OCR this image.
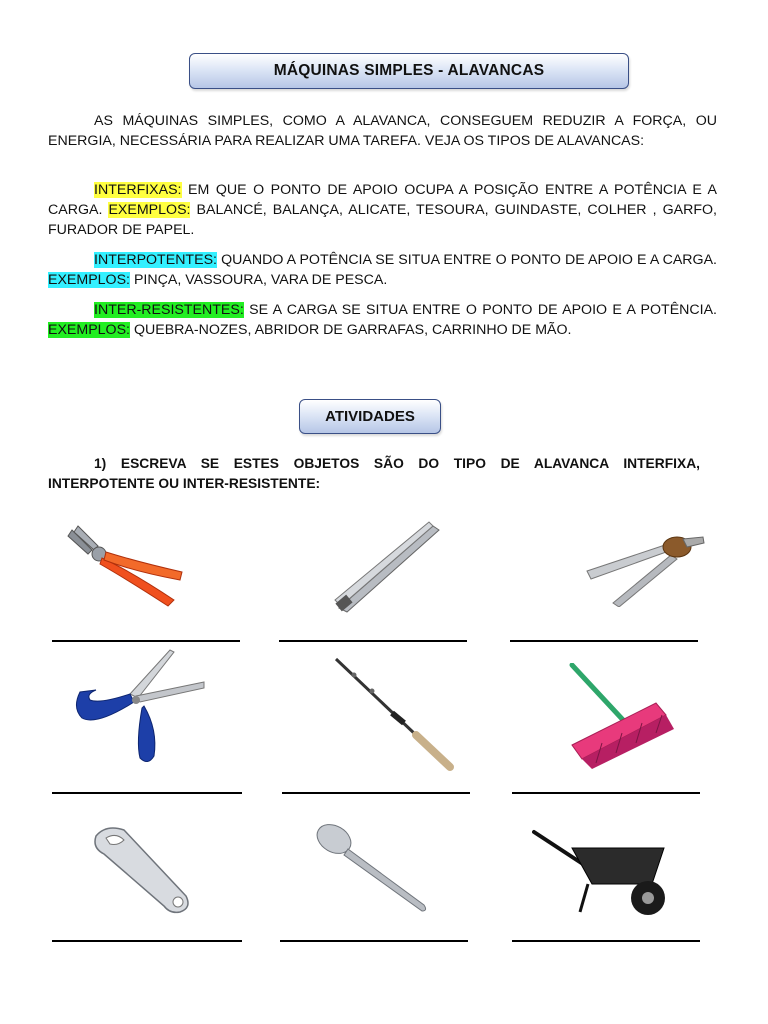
MÁQUINAS SIMPLES - ALAVANCAS
AS MÁQUINAS SIMPLES, COMO A ALAVANCA, CONSEGUEM REDUZIR A FORÇA, OU ENERGIA, NECESSÁRIA PARA REALIZAR UMA TAREFA. VEJA OS TIPOS DE ALAVANCAS:
INTERFIXAS: EM QUE O PONTO DE APOIO OCUPA A POSIÇÃO ENTRE A POTÊNCIA E A CARGA. EXEMPLOS: BALANCÉ, BALANÇA, ALICATE, TESOURA, GUINDASTE, COLHER , GARFO, FURADOR DE PAPEL.
INTERPOTENTES: QUANDO A POTÊNCIA SE SITUA ENTRE O PONTO DE APOIO E A CARGA. EXEMPLOS: PINÇA, VASSOURA, VARA DE PESCA.
INTER-RESISTENTES: SE A CARGA SE SITUA ENTRE O PONTO DE APOIO E A POTÊNCIA. EXEMPLOS: QUEBRA-NOZES, ABRIDOR DE GARRAFAS, CARRINHO DE MÃO.
ATIVIDADES
1) ESCREVA SE ESTES OBJETOS SÃO DO TIPO DE ALAVANCA INTERFIXA, INTERPOTENTE OU INTER-RESISTENTE:
